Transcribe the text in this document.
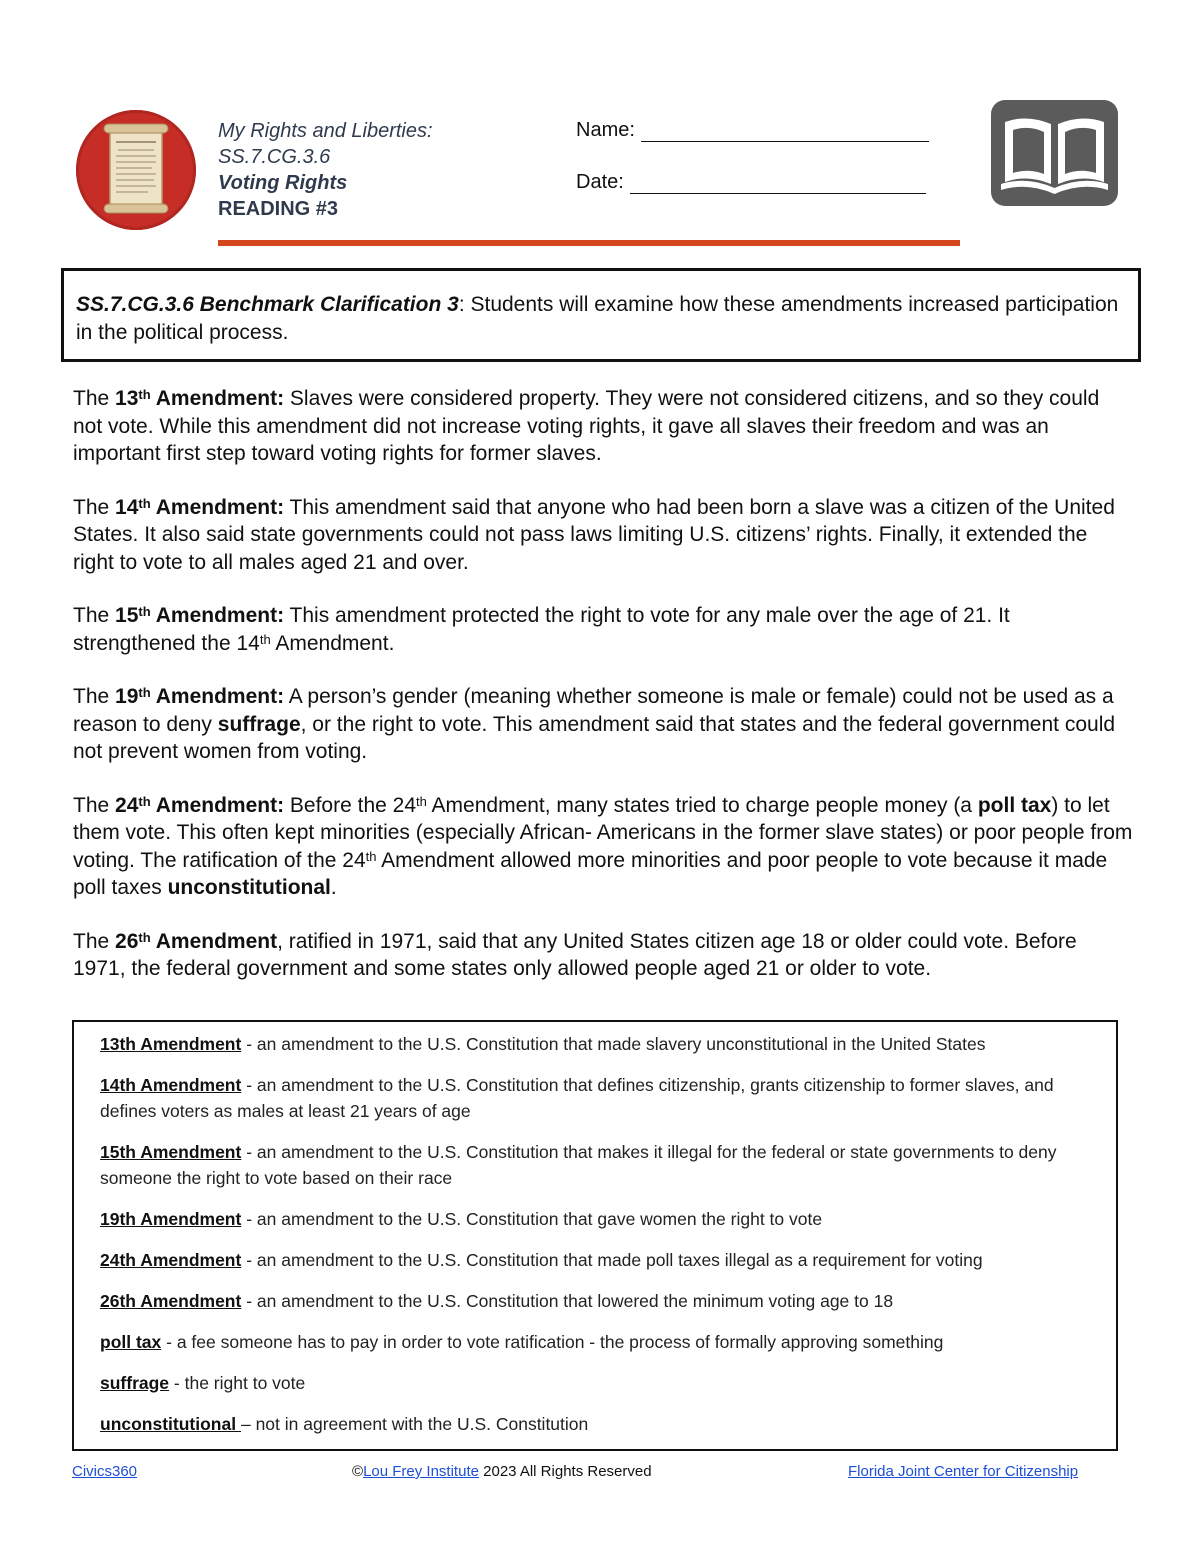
My Rights and Liberties:
SS.7.CG.3.6
Voting Rights
READING #3
Name:
Date:
SS.7.CG.3.6 Benchmark Clarification 3: Students will examine how these amendments increased participation in the political process.

The 13th Amendment: Slaves were considered property. They were not considered citizens, and so they could not vote. While this amendment did not increase voting rights, it gave all slaves their freedom and was an important first step toward voting rights for former slaves.

The 14th Amendment: This amendment said that anyone who had been born a slave was a citizen of the United States. It also said state governments could not pass laws limiting U.S. citizens’ rights. Finally, it extended the right to vote to all males aged 21 and over.

The 15th Amendment: This amendment protected the right to vote for any male over the age of 21. It strengthened the 14th Amendment.

The 19th Amendment: A person’s gender (meaning whether someone is male or female) could not be used as a reason to deny suffrage, or the right to vote. This amendment said that states and the federal government could not prevent women from voting.

The 24th Amendment: Before the 24th Amendment, many states tried to charge people money (a poll tax) to let them vote. This often kept minorities (especially African- Americans in the former slave states) or poor people from voting. The ratification of the 24th Amendment allowed more minorities and poor people to vote because it made poll taxes unconstitutional.

The 26th Amendment, ratified in 1971, said that any United States citizen age 18 or older could vote. Before 1971, the federal government and some states only allowed people aged 21 or older to vote.

13th Amendment - an amendment to the U.S. Constitution that made slavery unconstitutional in the United States
14th Amendment - an amendment to the U.S. Constitution that defines citizenship, grants citizenship to former slaves, and defines voters as males at least 21 years of age
15th Amendment - an amendment to the U.S. Constitution that makes it illegal for the federal or state governments to deny someone the right to vote based on their race
19th Amendment - an amendment to the U.S. Constitution that gave women the right to vote
24th Amendment - an amendment to the U.S. Constitution that made poll taxes illegal as a requirement for voting
26th Amendment - an amendment to the U.S. Constitution that lowered the minimum voting age to 18
poll tax - a fee someone has to pay in order to vote ratification - the process of formally approving something
suffrage - the right to vote
unconstitutional – not in agreement with the U.S. Constitution
Civics360	©Lou Frey Institute 2023 All Rights Reserved	Florida Joint Center for Citizenship
